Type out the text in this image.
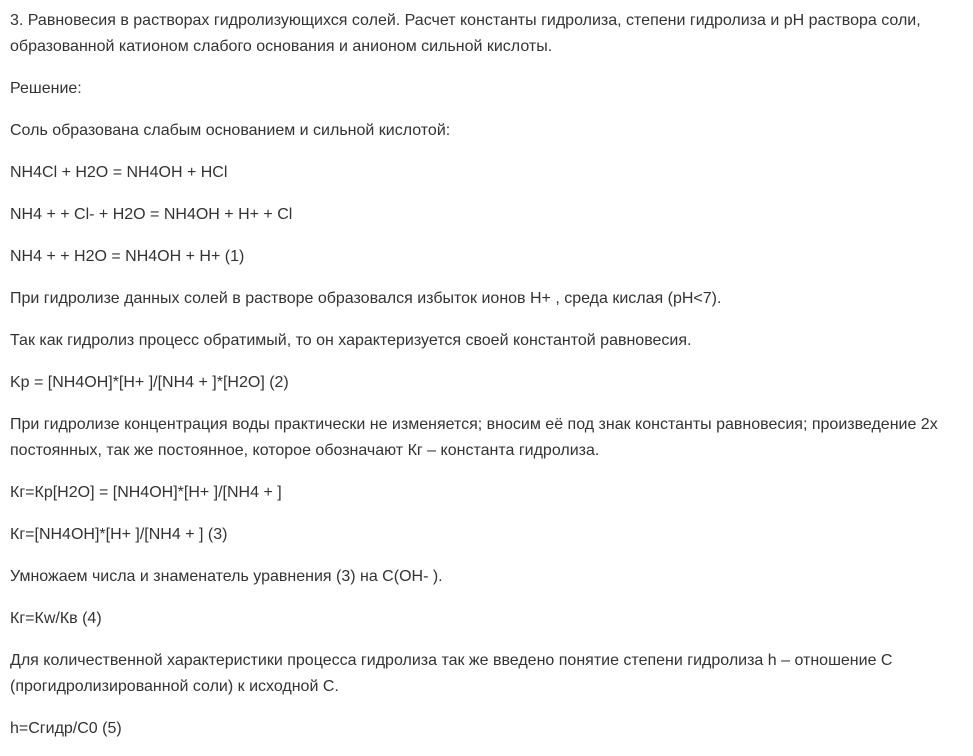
3. Равновесия в растворах гидролизующихся солей. Расчет константы гидролиза, степени гидролиза и pH раствора соли, образованной катионом слабого основания и анионом сильной кислоты.

Решение:

Соль образована слабым основанием и сильной кислотой:

NH4Cl + H2O = NH4OH + HCl

NH4 + + Cl- + H2O = NH4OH + H+ + Cl

NH4 + + H2O = NH4OH + H+ (1)

При гидролизе данных солей в растворе образовался избыток ионов H+ , среда кислая (pH<7).

Так как гидролиз процесс обратимый, то он характеризуется своей константой равновесия.

Kр = [NH4OH]*[H+ ]/[NH4 + ]*[H2O] (2)

При гидролизе концентрация воды практически не изменяется; вносим её под знак константы равновесия; произведение 2х постоянных, так же постоянное, которое обозначают Кг – константа гидролиза.

Кг=Кр[H2O] = [NH4OH]*[H+ ]/[NH4 + ]

Кг=[NH4OH]*[H+ ]/[NH4 + ] (3)

Умножаем числа и знаменатель уравнения (3) на C(OH- ).

Кг=Кw/Кв (4)

Для количественной характеристики процесса гидролиза так же введено понятие степени гидролиза h – отношение С (прогидролизированной соли) к исходной С.

h=Сгидр/С0 (5)
